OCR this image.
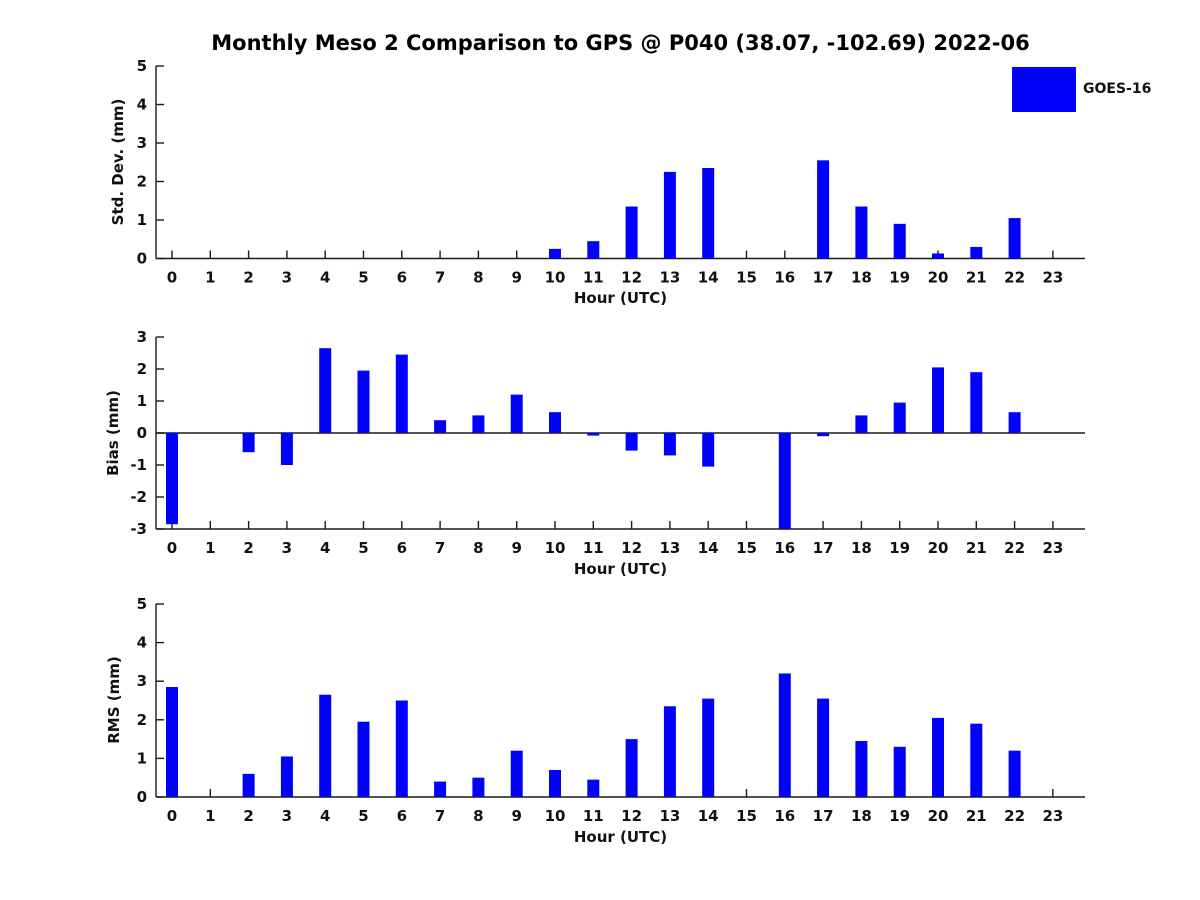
Monthly Meso 2 Comparison to GPS @ P040 (38.07, -102.69) 2022-06
GOES-16
Std. Dev. (mm)
Bias (mm)
RMS (mm)
Hour (UTC)
Hour (UTC)
Hour (UTC)
0
1
2
3
4
5
0 1 2 3 4 5 6 7 8 9 10 11 12 13 14 15 16 17 18 19 20 21 22 23
-3
-2
-1
0
1
2
3
0 1 2 3 4 5 6 7 8 9 10 11 12 13 14 15 16 17 18 19 20 21 22 23
0
1
2
3
4
5
0 1 2 3 4 5 6 7 8 9 10 11 12 13 14 15 16 17 18 19 20 21 22 23
